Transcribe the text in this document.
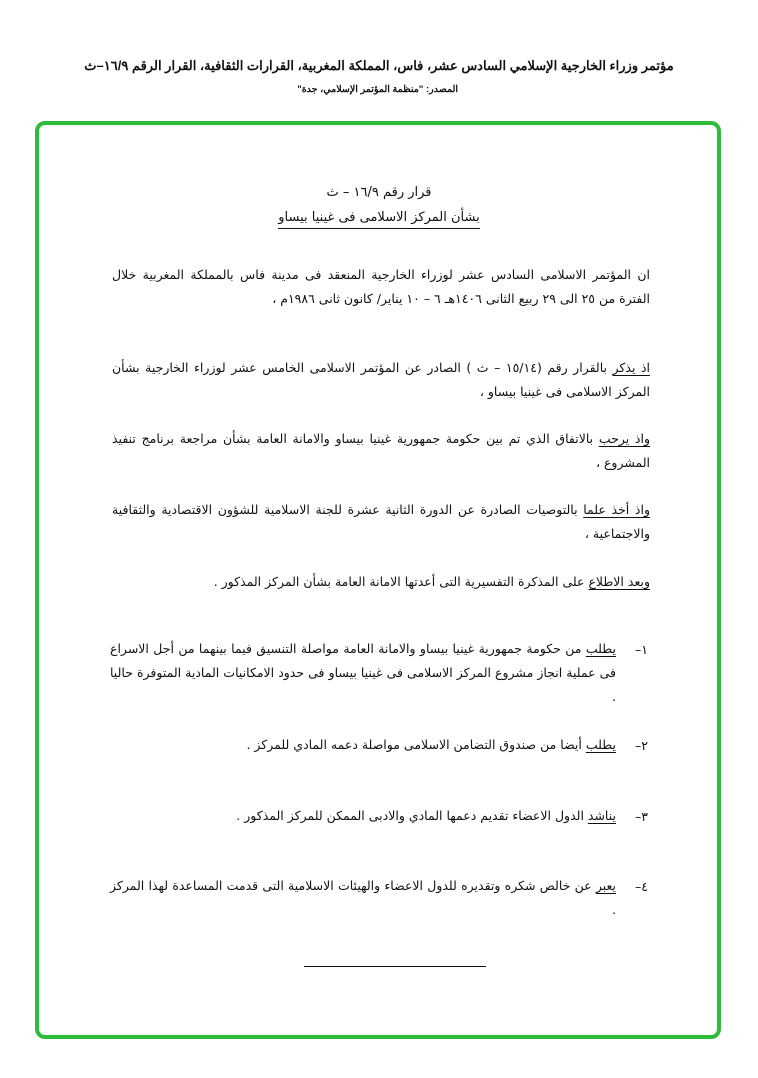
مؤتمر وزراء الخارجية الإسلامي السادس عشر، فاس، المملكة المغربية، القرارات الثقافية، القرار الرقم ١٦/٩–ث
المصدر: "منظمة المؤتمر الإسلامي، جدة"
قرار رقم ١٦/٩ – ث
بشأن المركز الاسلامى فى غينيا بيساو
ان المؤتمر الاسلامى السادس عشر لوزراء الخارجية المنعقد فى مدينة فاس بالمملكة المغربية خلال الفترة من ٢٥ الى ٢٩ ربيع الثانى ١٤٠٦هـ ٦ – ١٠ يناير/ كانون ثانى ١٩٨٦م ،
اذ يذكر بالقرار رقم (١٥/١٤ – ث ) الصادر عن المؤتمر الاسلامى الخامس عشر لوزراء الخارجية بشأن المركز الاسلامى فى غينيا بيساو ،
واذ يرحب بالاتفاق الذي تم بين حكومة جمهورية غينيا بيساو والامانة العامة بشأن مراجعة برنامج تنفيذ المشروع ،
واذ أخذ علما بالتوصيات الصادرة عن الدورة الثانية عشرة للجنة الاسلامية للشؤون الاقتصادية والثقافية والاجتماعية ،
وبعد الاطلاع على المذكرة التفسيرية التى أعدتها الامانة العامة بشأن المركز المذكور .
١–
يطلب من حكومة جمهورية غينيا بيساو والامانة العامة مواصلة التنسيق فيما بينهما من أجل الاسراع فى عملية انجاز مشروع المركز الاسلامى فى غينيا بيساو فى حدود الامكانيات المادية المتوفرة حاليا .
٢–
يطلب أيضا من صندوق التضامن الاسلامى مواصلة دعمه المادي للمركز .
٣–
يناشد الدول الاعضاء تقديم دعمها المادي والادبى الممكن للمركز المذكور .
٤–
يعبر عن خالص شكره وتقديره للدول الاعضاء والهيئات الاسلامية التى قدمت المساعدة لهذا المركز .
